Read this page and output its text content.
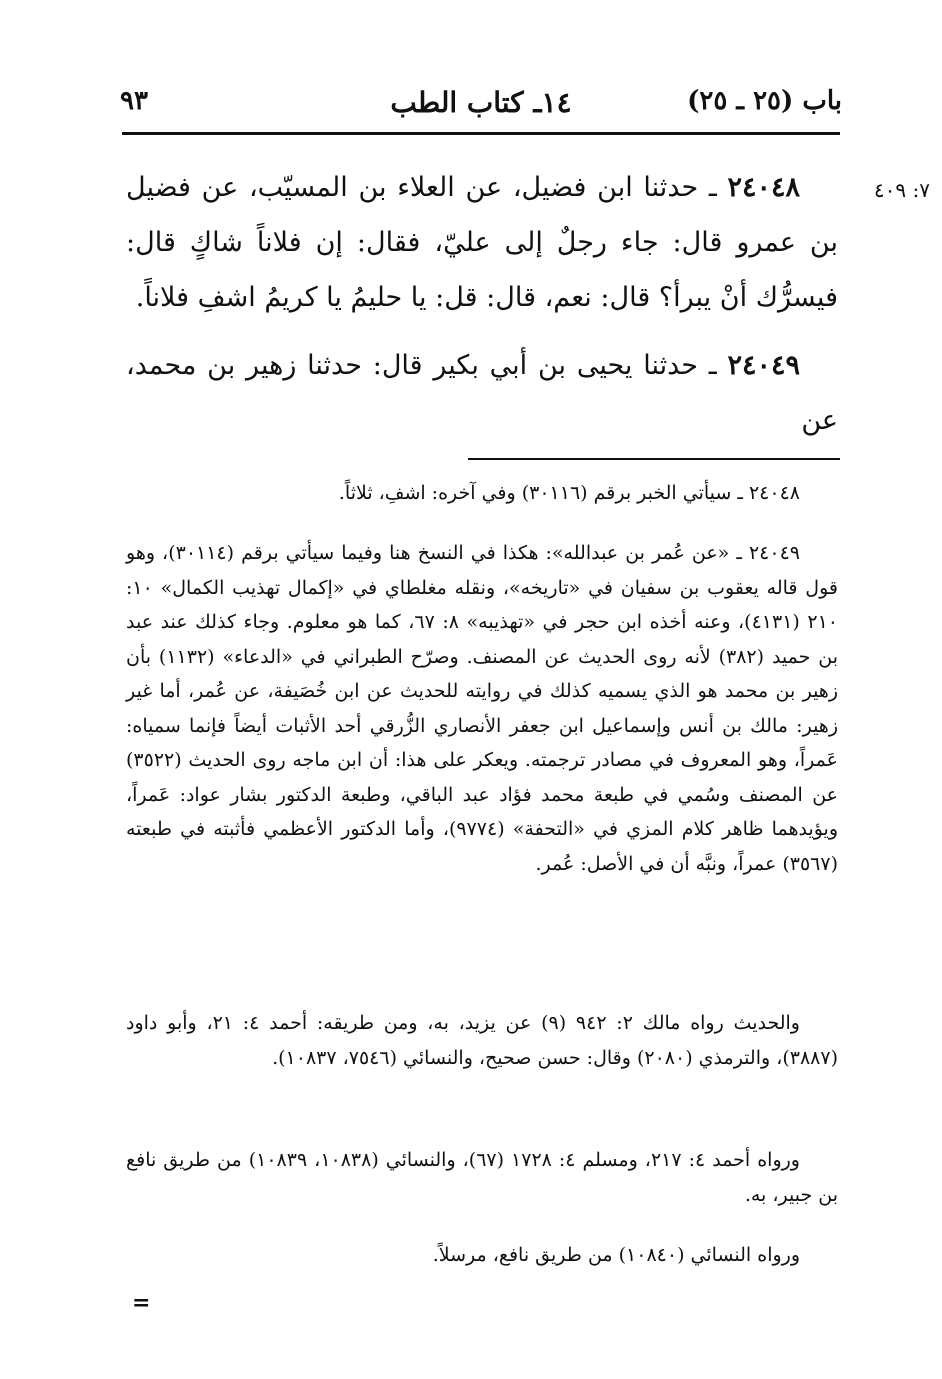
باب (٢٥ ـ ٢٥)
١٤ـ كتاب الطب
٩٣
٧: ٤٠٩

٢٤٠٤٨ ـ حدثنا ابن فضيل، عن العلاء بن المسيّب، عن فضيل بن عمرو قال: جاء رجلٌ إلى عليّ، فقال: إن فلاناً شاكٍ قال: فيسرُّك أنْ يبرأ؟ قال: نعم، قال: قل: يا حليمُ يا كريمُ اشفِ فلاناً.

٢٤٠٤٩ ـ حدثنا يحيى بن أبي بكير قال: حدثنا زهير بن محمد، عن

٢٤٠٤٨ ـ سيأتي الخبر برقم (٣٠١١٦) وفي آخره: اشفِ، ثلاثاً.

٢٤٠٤٩ ـ «عن عُمر بن عبدالله»: هكذا في النسخ هنا وفيما سيأتي برقم (٣٠١١٤)، وهو قول قاله يعقوب بن سفيان في «تاريخه»، ونقله مغلطاي في «إكمال تهذيب الكمال» ١٠: ٢١٠ (٤١٣١)، وعنه أخذه ابن حجر في «تهذيبه» ٨: ٦٧، كما هو معلوم. وجاء كذلك عند عبد بن حميد (٣٨٢) لأنه روى الحديث عن المصنف. وصرّح الطبراني في «الدعاء» (١١٣٢) بأن زهير بن محمد هو الذي يسميه كذلك في روايته للحديث عن ابن خُصَيفة، عن عُمر، أما غير زهير: مالك بن أنس وإسماعيل ابن جعفر الأنصاري الزُّرقي أحد الأثبات أيضاً فإنما سمياه: عَمراً، وهو المعروف في مصادر ترجمته. ويعكر على هذا: أن ابن ماجه روى الحديث (٣٥٢٢) عن المصنف وسُمي في طبعة محمد فؤاد عبد الباقي، وطبعة الدكتور بشار عواد: عَمراً، ويؤيدهما ظاهر كلام المزي في «التحفة» (٩٧٧٤)، وأما الدكتور الأعظمي فأثبته في طبعته (٣٥٦٧) عمراً، ونبَّه أن في الأصل: عُمر.

والحديث رواه مالك ٢: ٩٤٢ (٩) عن يزيد، به، ومن طريقه: أحمد ٤: ٢١، وأبو داود (٣٨٨٧)، والترمذي (٢٠٨٠) وقال: حسن صحيح، والنسائي (٧٥٤٦، ١٠٨٣٧).

ورواه أحمد ٤: ٢١٧، ومسلم ٤: ١٧٢٨ (٦٧)، والنسائي (١٠٨٣٨، ١٠٨٣٩) من طريق نافع بن جبير، به.

ورواه النسائي (١٠٨٤٠) من طريق نافع، مرسلاً.

=
